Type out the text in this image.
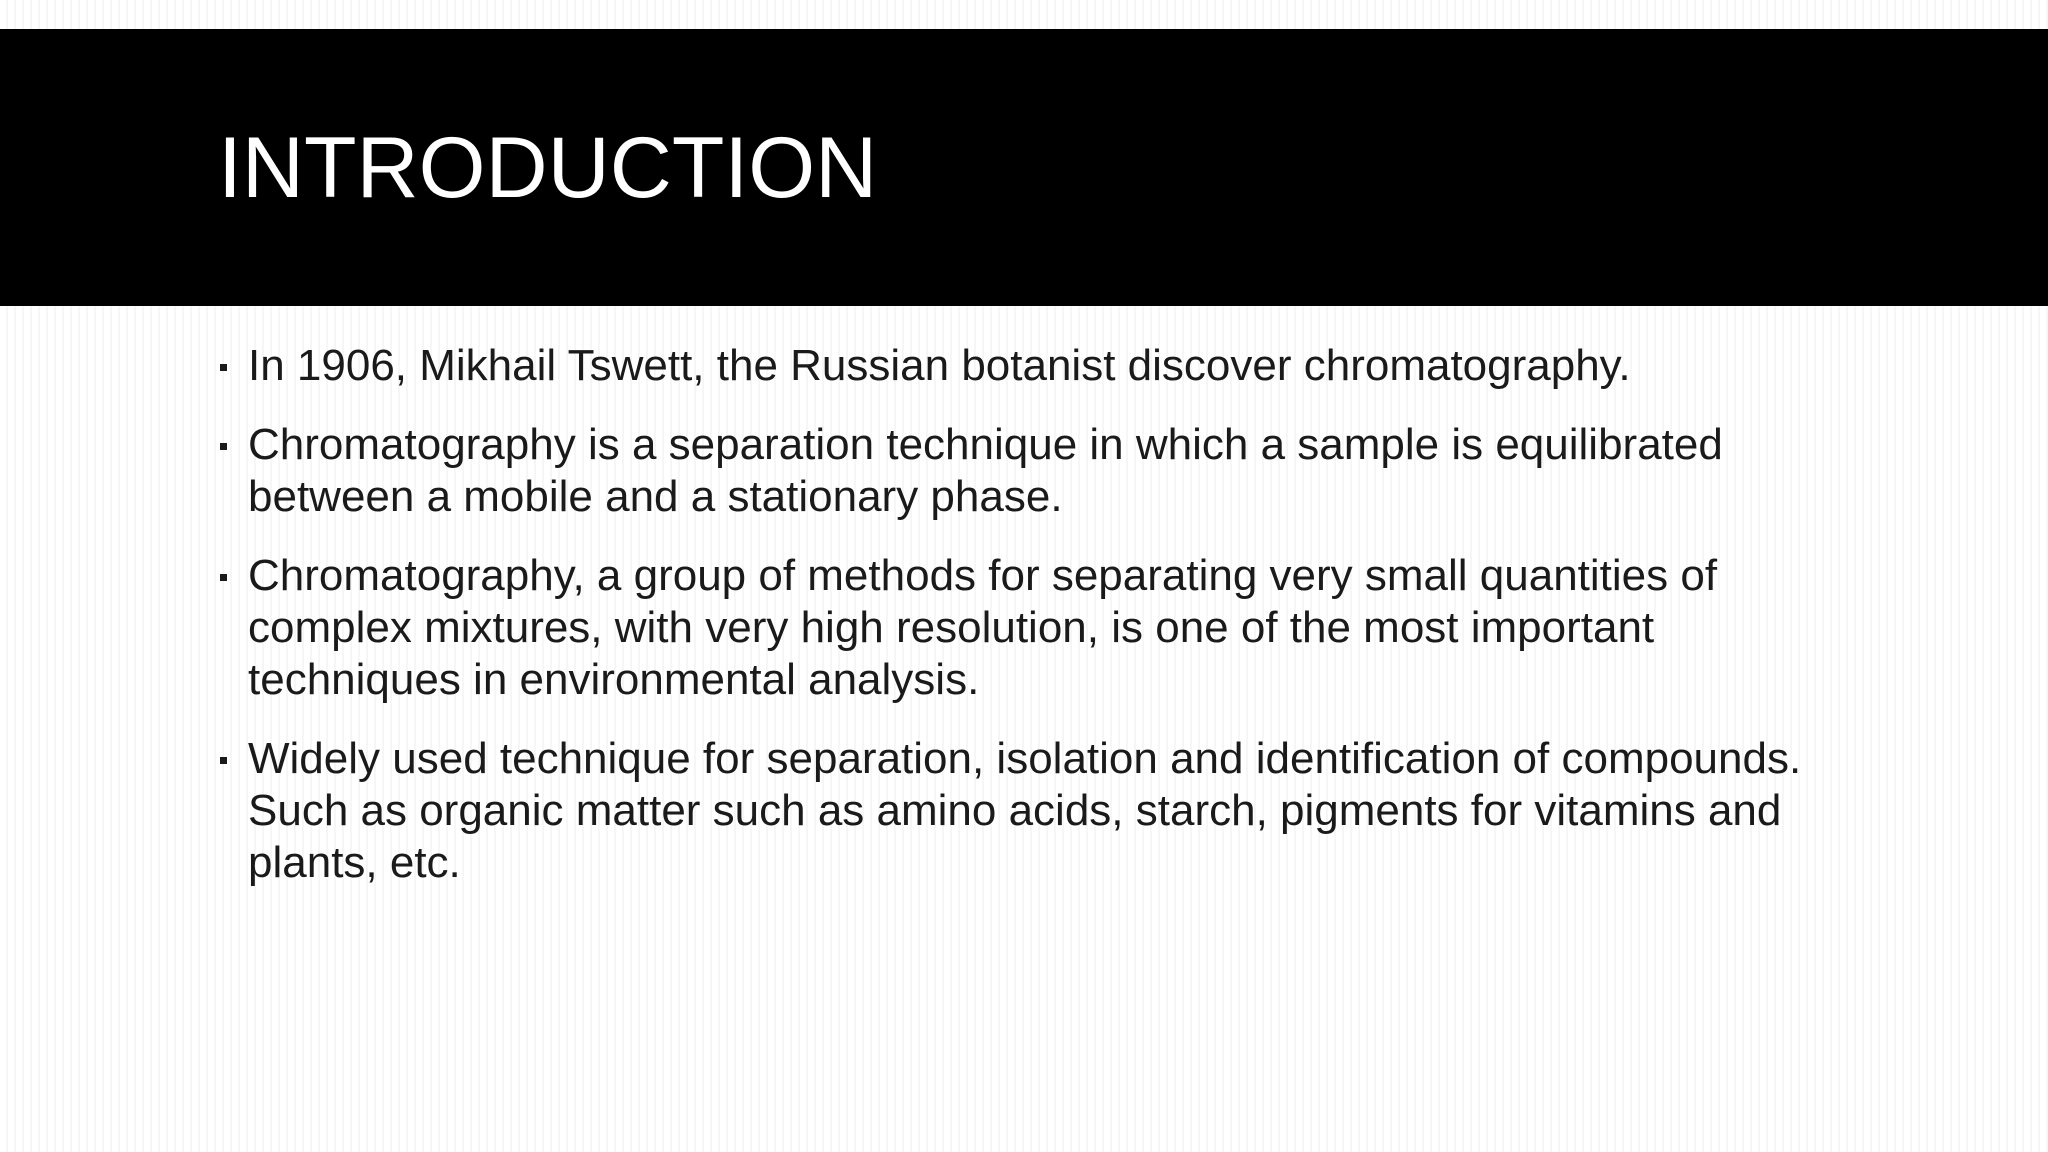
INTRODUCTION
In 1906, Mikhail Tswett, the Russian botanist discover chromatography.
Chromatography is a separation technique in which a sample is equilibrated between a mobile and a stationary phase.
Chromatography, a group of methods for separating very small quantities of complex mixtures, with very high resolution, is one of the most important techniques in environmental analysis.
Widely used technique for separation, isolation and identification of compounds. Such as organic matter such as amino acids, starch, pigments for vitamins and plants, etc.
